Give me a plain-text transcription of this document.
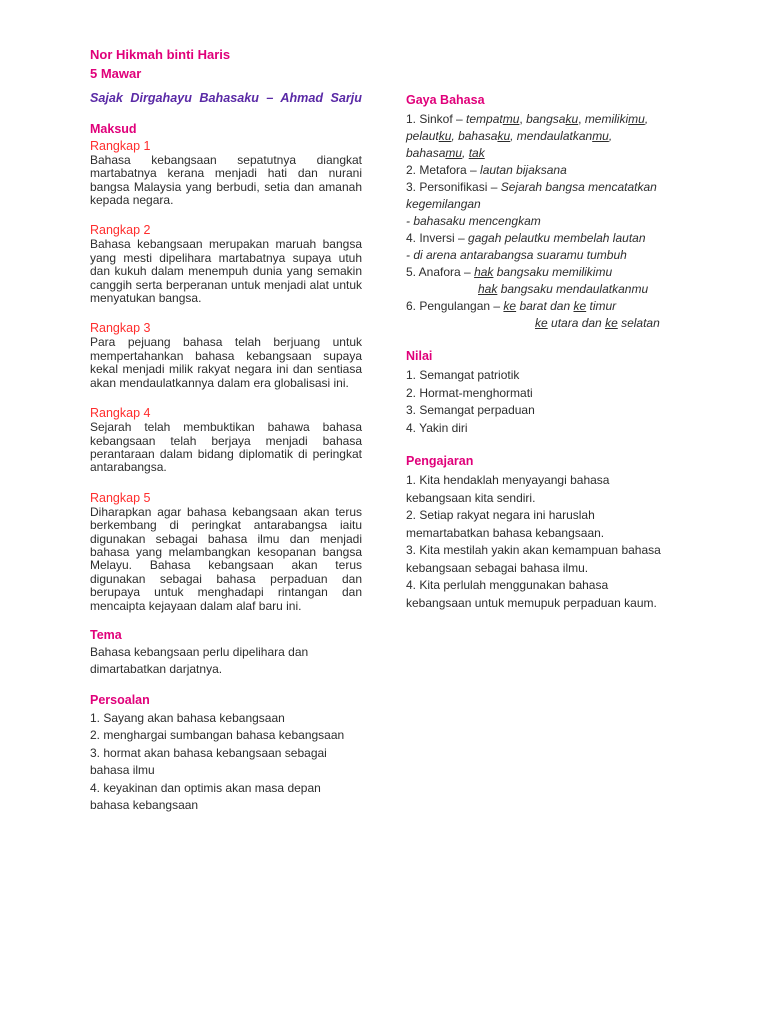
Nor Hikmah binti Haris
5 Mawar
Sajak Dirgahayu Bahasaku – Ahmad Sarju
Maksud
Rangkap 1

Bahasa kebangsaan sepatutnya diangkat martabatnya kerana menjadi hati dan nurani bangsa Malaysia yang berbudi, setia dan amanah kepada negara.

Rangkap 2

Bahasa kebangsaan merupakan maruah bangsa yang mesti dipelihara martabatnya supaya utuh dan kukuh dalam menempuh dunia yang semakin canggih serta berperanan untuk menjadi alat untuk menyatukan bangsa.

Rangkap 3

Para pejuang bahasa telah berjuang untuk mempertahankan bahasa kebangsaan supaya kekal menjadi milik rakyat negara ini dan sentiasa akan mendaulatkannya dalam era globalisasi ini.

Rangkap 4

Sejarah telah membuktikan bahawa bahasa kebangsaan telah berjaya menjadi bahasa perantaraan dalam bidang diplomatik di peringkat antarabangsa.

Rangkap 5

Diharapkan agar bahasa kebangsaan akan terus berkembang di peringkat antarabangsa iaitu digunakan sebagai bahasa ilmu dan menjadi bahasa yang melambangkan kesopanan bangsa Melayu. Bahasa kebangsaan akan terus digunakan sebagai bahasa perpaduan dan berupaya untuk menghadapi rintangan dan mencaipta kejayaan dalam alaf baru ini.

Tema

Bahasa kebangsaan perlu dipelihara dan dimartabatkan darjatnya.

Persoalan

1. Sayang akan bahasa kebangsaan

2. menghargai sumbangan bahasa kebangsaan

3. hormat akan bahasa kebangsaan sebagai bahasa ilmu

4. keyakinan dan optimis akan masa depan bahasa kebangsaan

Gaya Bahasa
1. Sinkof – tempatmu, bangsaku, memilikimu,
pelautku, bahasaku, mendaulatkanmu,
bahasamu, tak
2. Metafora – lautan bijaksana
3. Personifikasi – Sejarah bangsa mencatatkan kegemilangan
- bahasaku mencengkam
4. Inversi – gagah pelautku membelah lautan
- di arena antarabangsa suaramu tumbuh
5. Anafora – hak bangsaku memilikimu
hak bangsaku mendaulatkanmu
6. Pengulangan – ke barat dan ke timur
ke utara dan ke selatan
Nilai

1. Semangat patriotik

2. Hormat-menghormati

3. Semangat perpaduan

4. Yakin diri

Pengajaran

1. Kita hendaklah menyayangi bahasa kebangsaan kita sendiri.

2. Setiap rakyat negara ini haruslah memartabatkan bahasa kebangsaan.

3. Kita mestilah yakin akan kemampuan bahasa kebangsaan sebagai bahasa ilmu.

4. Kita perlulah menggunakan bahasa kebangsaan untuk memupuk perpaduan kaum.
